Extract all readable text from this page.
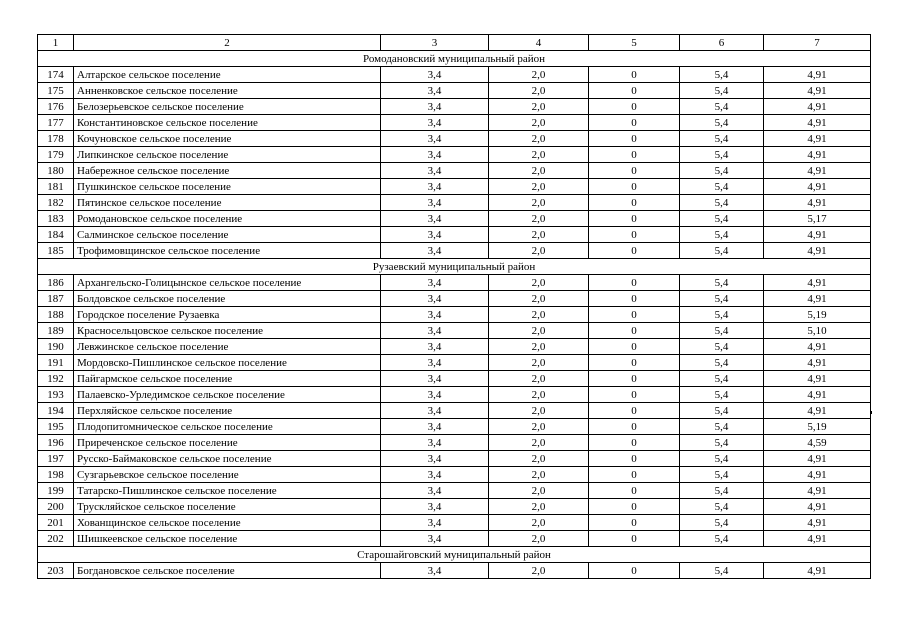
1	2	3	4	5	6	7
Ромодановский муниципальный район						
174	Алтарское сельское поселение	3,4	2,0	0	5,4	4,91
175	Анненковское сельское поселение	3,4	2,0	0	5,4	4,91
176	Белозерьевское сельское поселение	3,4	2,0	0	5,4	4,91
177	Константиновское сельское поселение	3,4	2,0	0	5,4	4,91
178	Кочуновское сельское поселение	3,4	2,0	0	5,4	4,91
179	Липкинское сельское поселение	3,4	2,0	0	5,4	4,91
180	Набережное сельское поселение	3,4	2,0	0	5,4	4,91
181	Пушкинское сельское поселение	3,4	2,0	0	5,4	4,91
182	Пятинское сельское поселение	3,4	2,0	0	5,4	4,91
183	Ромодановское сельское поселение	3,4	2,0	0	5,4	5,17
184	Салминское сельское поселение	3,4	2,0	0	5,4	4,91
185	Трофимовщинское сельское поселение	3,4	2,0	0	5,4	4,91
Рузаевский муниципальный район						
186	Архангельско-Голицынское сельское поселение	3,4	2,0	0	5,4	4,91
187	Болдовское сельское поселение	3,4	2,0	0	5,4	4,91
188	Городское поселение Рузаевка	3,4	2,0	0	5,4	5,19
189	Красносельцовское сельское поселение	3,4	2,0	0	5,4	5,10
190	Левжинское сельское поселение	3,4	2,0	0	5,4	4,91
191	Мордовско-Пишлинское сельское поселение	3,4	2,0	0	5,4	4,91
192	Пайгармское сельское поселение	3,4	2,0	0	5,4	4,91
193	Палаевско-Урледимское сельское поселение	3,4	2,0	0	5,4	4,91
194	Перхляйское сельское поселение	3,4	2,0	0	5,4	4,91
195	Плодопитомническое сельское поселение	3,4	2,0	0	5,4	5,19
196	Приреченское сельское поселение	3,4	2,0	0	5,4	4,59
197	Русско-Баймаковское сельское поселение	3,4	2,0	0	5,4	4,91
198	Сузгарьевское сельское поселение	3,4	2,0	0	5,4	4,91
199	Татарско-Пишлинское сельское поселение	3,4	2,0	0	5,4	4,91
200	Трускляйское сельское поселение	3,4	2,0	0	5,4	4,91
201	Хованщинское сельское поселение	3,4	2,0	0	5,4	4,91
202	Шишкеевское сельское поселение	3,4	2,0	0	5,4	4,91
Старошайговский муниципальный район						
203	Богдановское сельское поселение	3,4	2,0	0	5,4	4,91
